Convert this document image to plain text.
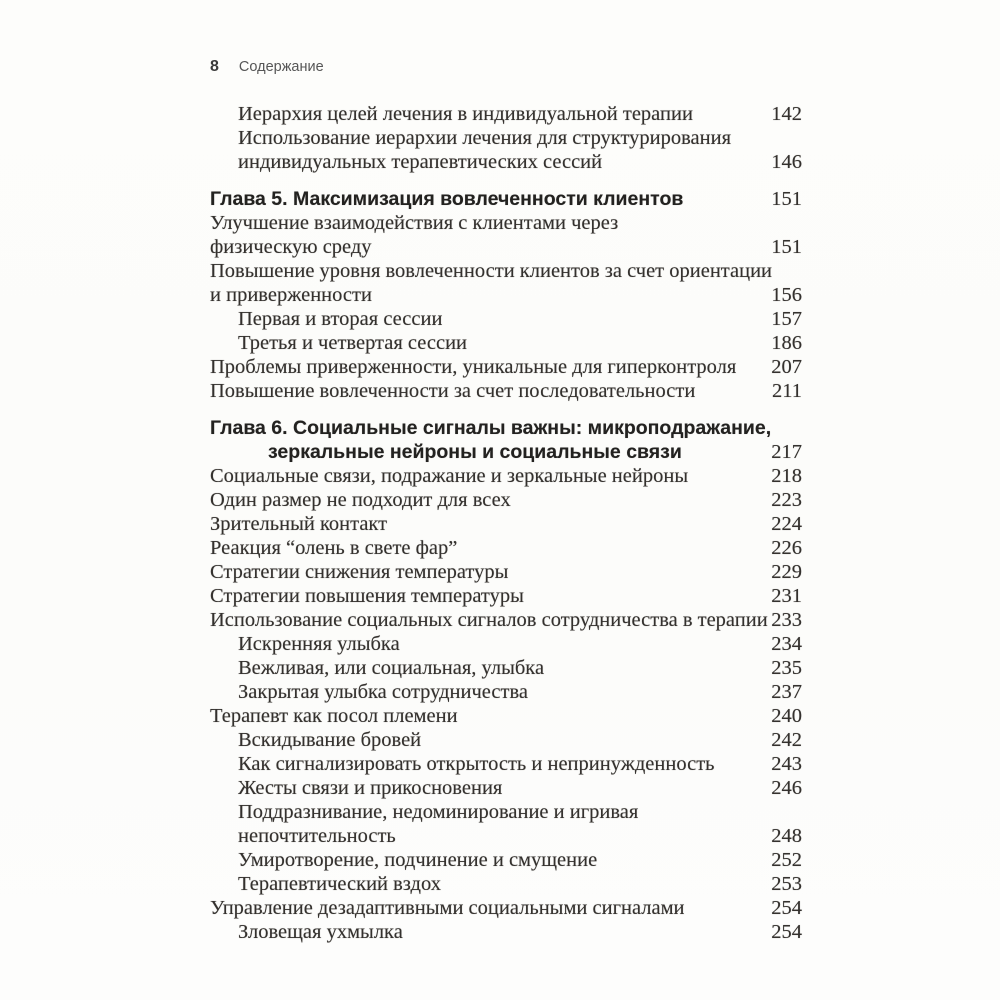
8 Содержание
Иерархия целей лечения в индивидуальной терапии	142
Использование иерархии лечения для структурирования
индивидуальных терапевтических сессий	146
Глава 5. Максимизация вовлеченности клиентов	151
Улучшение взаимодействия с клиентами через
физическую среду	151
Повышение уровня вовлеченности клиентов за счет ориентации
и приверженности	156
Первая и вторая сессии	157
Третья и четвертая сессии	186
Проблемы приверженности, уникальные для гиперконтроля	207
Повышение вовлеченности за счет последовательности	211
Глава 6. Социальные сигналы важны: микроподражание,
зеркальные нейроны и социальные связи	217
Социальные связи, подражание и зеркальные нейроны	218
Один размер не подходит для всех	223
Зрительный контакт	224
Реакция “олень в свете фар”	226
Стратегии снижения температуры	229
Стратегии повышения температуры	231
Использование социальных сигналов сотрудничества в терапии 233
Искренняя улыбка	234
Вежливая, или социальная, улыбка	235
Закрытая улыбка сотрудничества	237
Терапевт как посол племени	240
Вскидывание бровей	242
Как сигнализировать открытость и непринужденность	243
Жесты связи и прикосновения	246
Поддразнивание, недоминирование и игривая
непочтительность	248
Умиротворение, подчинение и смущение	252
Терапевтический вздох	253
Управление дезадаптивными социальными сигналами	254
Зловещая ухмылка	254
